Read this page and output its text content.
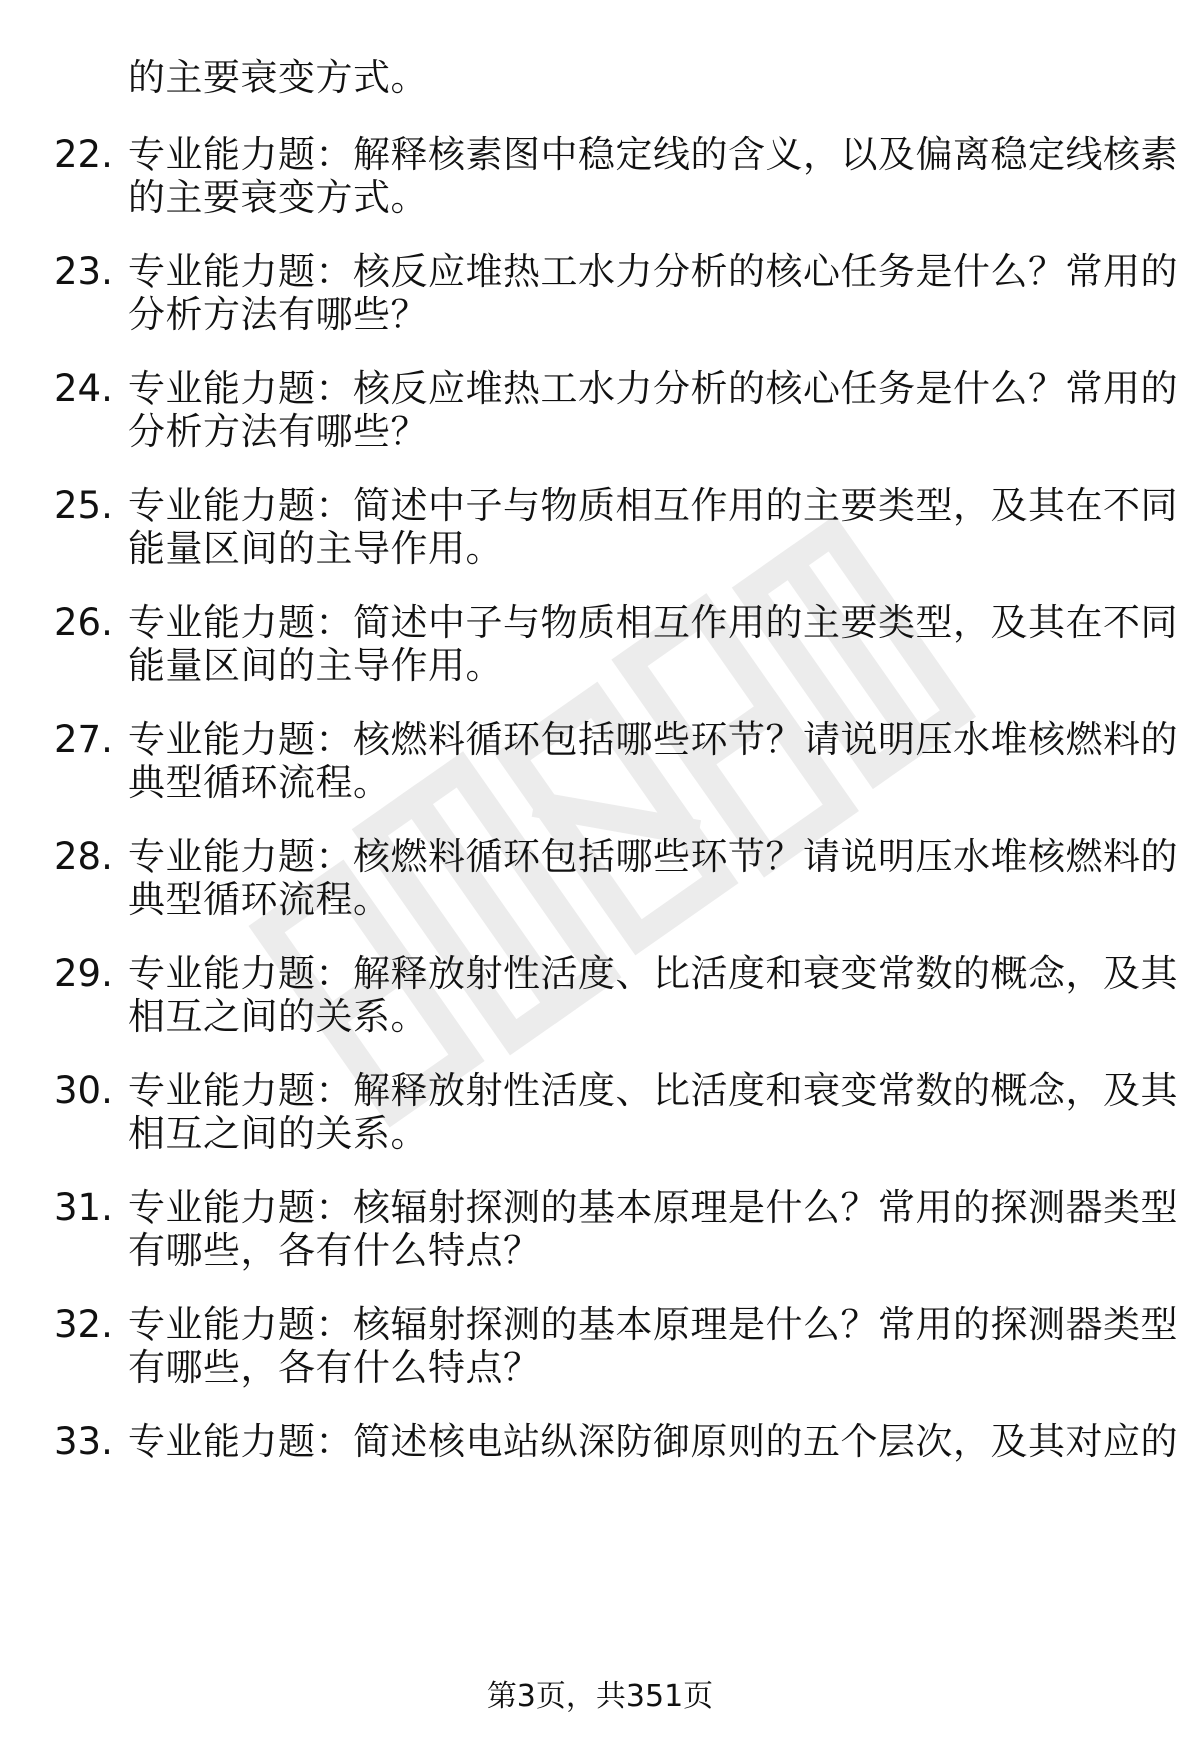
的主要衰变方式。
22. 专业能力题：解释核素图中稳定线的含义，以及偏离稳定线核素
的主要衰变方式。
23. 专业能力题：核反应堆热工水力分析的核心任务是什么？常用的
分析方法有哪些？
24. 专业能力题：核反应堆热工水力分析的核心任务是什么？常用的
分析方法有哪些？
25. 专业能力题：简述中子与物质相互作用的主要类型，及其在不同
能量区间的主导作用。
26. 专业能力题：简述中子与物质相互作用的主要类型，及其在不同
能量区间的主导作用。
27. 专业能力题：核燃料循环包括哪些环节？请说明压水堆核燃料的
典型循环流程。
28. 专业能力题：核燃料循环包括哪些环节？请说明压水堆核燃料的
典型循环流程。
29. 专业能力题：解释放射性活度、比活度和衰变常数的概念，及其
相互之间的关系。
30. 专业能力题：解释放射性活度、比活度和衰变常数的概念，及其
相互之间的关系。
31. 专业能力题：核辐射探测的基本原理是什么？常用的探测器类型
有哪些，各有什么特点？
32. 专业能力题：核辐射探测的基本原理是什么？常用的探测器类型
有哪些，各有什么特点？
33. 专业能力题：简述核电站纵深防御原则的五个层次，及其对应的
第3页，共351页
